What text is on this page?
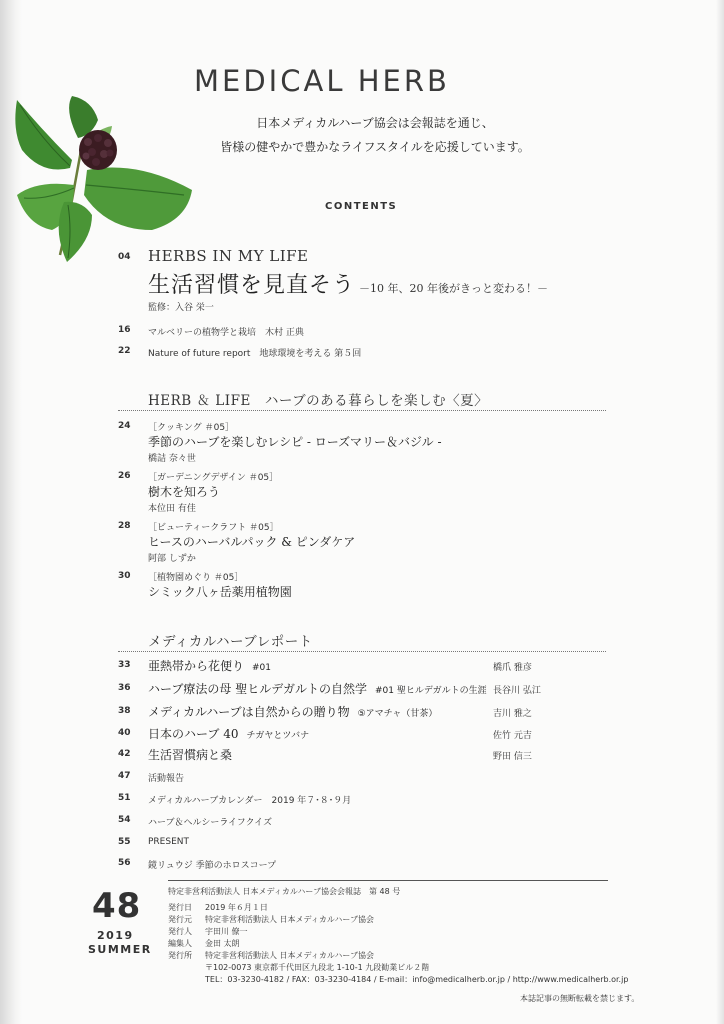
MEDICAL HERB
日本メディカルハーブ協会は会報誌を通じ、
皆様の健やかで豊かなライフスタイルを応援しています。
CONTENTS
04 HERBS IN MY LIFE
生活習慣を見直そう －10 年、20 年後がきっと変わる！－
監修：入谷 栄一
16 マルベリーの植物学と栽培　木村 正典
22 Nature of future report　地球環境を考える 第５回
HERB ＆ LIFE　ハーブのある暮らしを楽しむ〈夏〉
24 ［クッキング ＃05］
季節のハーブを楽しむレシピ - ローズマリー＆バジル -
橋詰 奈々世
26 ［ガーデニングデザイン ＃05］
樹木を知ろう
本位田 有佳
28 ［ビューティークラフト ＃05］
ヒースのハーバルパック & ピンダケア
阿部 しずか
30 ［植物園めぐり ＃05］
シミック八ヶ岳薬用植物園
メディカルハーブレポート
33 亜熱帯から花便り #01	橋爪 雅彦
36 ハーブ療法の母 聖ヒルデガルトの自然学 #01 聖ヒルデガルトの生涯 長谷川 弘江
38 メディカルハーブは自然からの贈り物 ⑤アマチャ（甘茶）	吉川 雅之
40 日本のハーブ 40 チガヤとツバナ	佐竹 元吉
42 生活習慣病と桑	野田 信三
47 活動報告
51 メディカルハーブカレンダー　2019 年７･８･９月
54 ハーブ＆ヘルシーライフクイズ
55 PRESENT
56 鏡リュウジ 季節のホロスコープ
48
2019
SUMMER
特定非営利活動法人 日本メディカルハーブ協会会報誌　第 48 号
発行日 2019 年６月１日
発行元 特定非営利活動法人 日本メディカルハーブ協会
発行人 宇田川 僚一
編集人 金田 太朗
発行所 特定非営利活動法人 日本メディカルハーブ協会
〒102-0073 東京都千代田区九段北 1-10-1 九段勧業ビル２階
TEL：03-3230-4182 / FAX：03-3230-4184 / E-mail：info@medicalherb.or.jp / http://www.medicalherb.or.jp
本誌記事の無断転載を禁じます。
